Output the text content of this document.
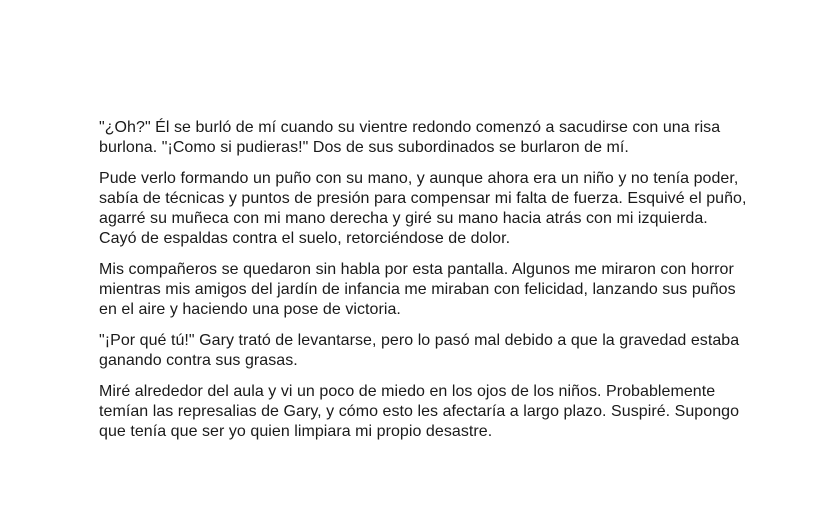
"¿Oh?" Él se burló de mí cuando su vientre redondo comenzó a sacudirse con una risa burlona. "¡Como si pudieras!" Dos de sus subordinados se burlaron de mí.

Pude verlo formando un puño con su mano, y aunque ahora era un niño y no tenía poder, sabía de técnicas y puntos de presión para compensar mi falta de fuerza. Esquivé el puño, agarré su muñeca con mi mano derecha y giré su mano hacia atrás con mi izquierda. Cayó de espaldas contra el suelo, retorciéndose de dolor.

Mis compañeros se quedaron sin habla por esta pantalla. Algunos me miraron con horror mientras mis amigos del jardín de infancia me miraban con felicidad, lanzando sus puños en el aire y haciendo una pose de victoria.

"¡Por qué tú!" Gary trató de levantarse, pero lo pasó mal debido a que la gravedad estaba ganando contra sus grasas.

Miré alrededor del aula y vi un poco de miedo en los ojos de los niños. Probablemente temían las represalias de Gary, y cómo esto les afectaría a largo plazo. Suspiré. Supongo que tenía que ser yo quien limpiara mi propio desastre.
